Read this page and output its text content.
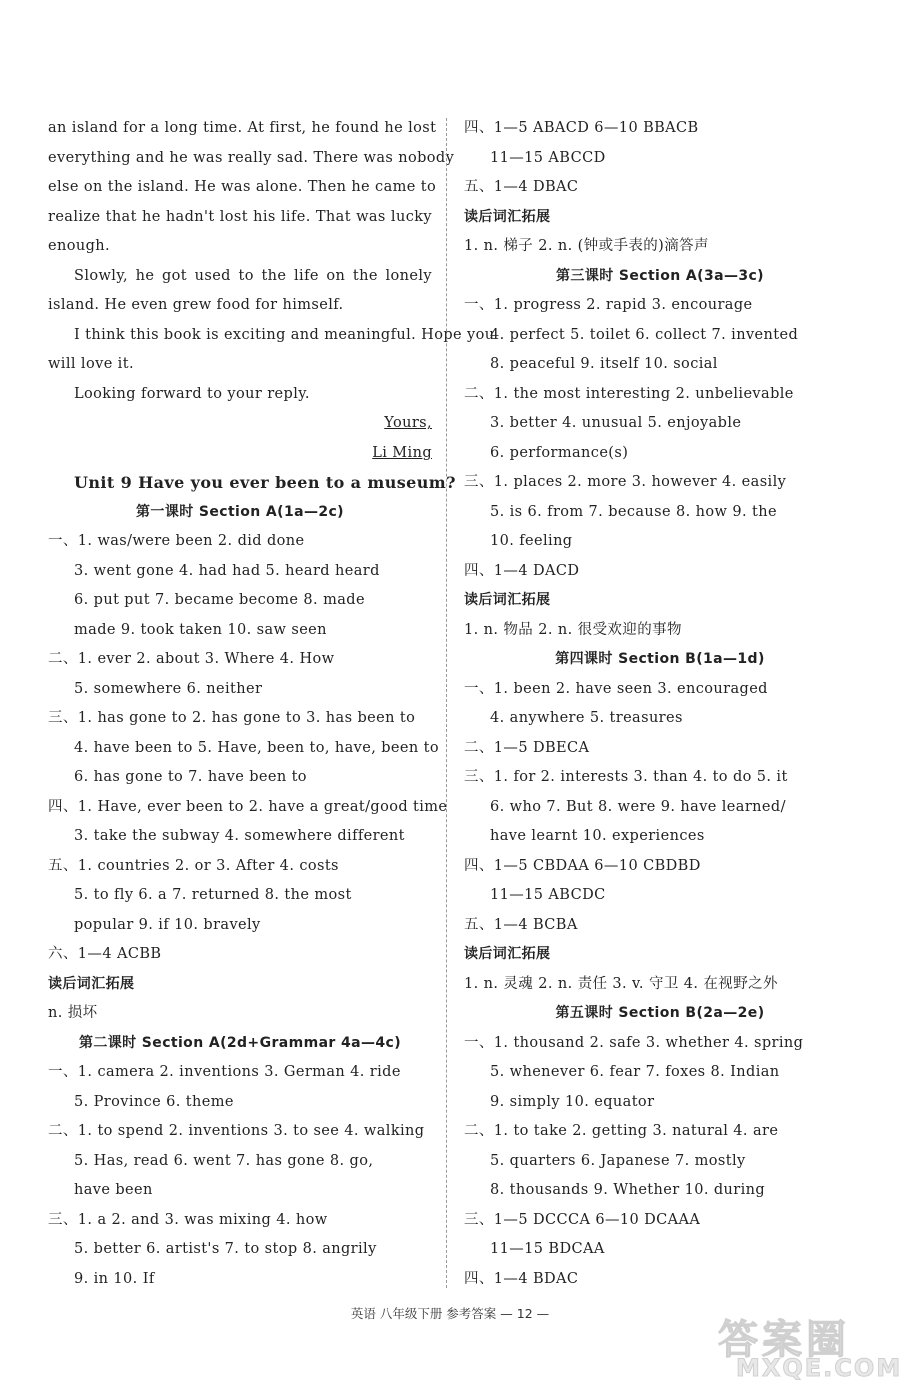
an island for a long time. At first, he found he lost
everything and he was really sad. There was nobody
else on the island. He was alone. Then he came to
realize that he hadn't lost his life. That was lucky
enough.
Slowly, he got used to the life on the lonely
island. He even grew food for himself.
I think this book is exciting and meaningful. Hope you
will love it.
Looking forward to your reply.
Yours,
Li Ming
Unit 9 Have you ever been to a museum?
第一课时 Section A(1a—2c)
一、1. was/were been 2. did done
3. went gone 4. had had 5. heard heard
6. put put 7. became become 8. made
made 9. took taken 10. saw seen
二、1. ever 2. about 3. Where 4. How
5. somewhere 6. neither
三、1. has gone to 2. has gone to 3. has been to
4. have been to 5. Have, been to, have, been to
6. has gone to 7. have been to
四、1. Have, ever been to 2. have a great/good time
3. take the subway 4. somewhere different
五、1. countries 2. or 3. After 4. costs
5. to fly 6. a 7. returned 8. the most
popular 9. if 10. bravely
六、1—4 ACBB
读后词汇拓展
n. 损坏
第二课时 Section A(2d+Grammar 4a—4c)
一、1. camera 2. inventions 3. German 4. ride
5. Province 6. theme
二、1. to spend 2. inventions 3. to see 4. walking
5. Has, read 6. went 7. has gone 8. go,
have been
三、1. a 2. and 3. was mixing 4. how
5. better 6. artist's 7. to stop 8. angrily
9. in 10. If
四、1—5 ABACD 6—10 BBACB
11—15 ABCCD
五、1—4 DBAC
读后词汇拓展
1. n. 梯子 2. n. (钟或手表的)滴答声
第三课时 Section A(3a—3c)
一、1. progress 2. rapid 3. encourage
4. perfect 5. toilet 6. collect 7. invented
8. peaceful 9. itself 10. social
二、1. the most interesting 2. unbelievable
3. better 4. unusual 5. enjoyable
6. performance(s)
三、1. places 2. more 3. however 4. easily
5. is 6. from 7. because 8. how 9. the
10. feeling
四、1—4 DACD
读后词汇拓展
1. n. 物品 2. n. 很受欢迎的事物
第四课时 Section B(1a—1d)
一、1. been 2. have seen 3. encouraged
4. anywhere 5. treasures
二、1—5 DBECA
三、1. for 2. interests 3. than 4. to do 5. it
6. who 7. But 8. were 9. have learned/
have learnt 10. experiences
四、1—5 CBDAA 6—10 CBDBD
11—15 ABCDC
五、1—4 BCBA
读后词汇拓展
1. n. 灵魂 2. n. 责任 3. v. 守卫 4. 在视野之外
第五课时 Section B(2a—2e)
一、1. thousand 2. safe 3. whether 4. spring
5. whenever 6. fear 7. foxes 8. Indian
9. simply 10. equator
二、1. to take 2. getting 3. natural 4. are
5. quarters 6. Japanese 7. mostly
8. thousands 9. Whether 10. during
三、1—5 DCCCA 6—10 DCAAA
11—15 BDCAA
四、1—4 BDAC
英语 八年级下册 参考答案 — 12 —
答案圈
MXQE.COM
